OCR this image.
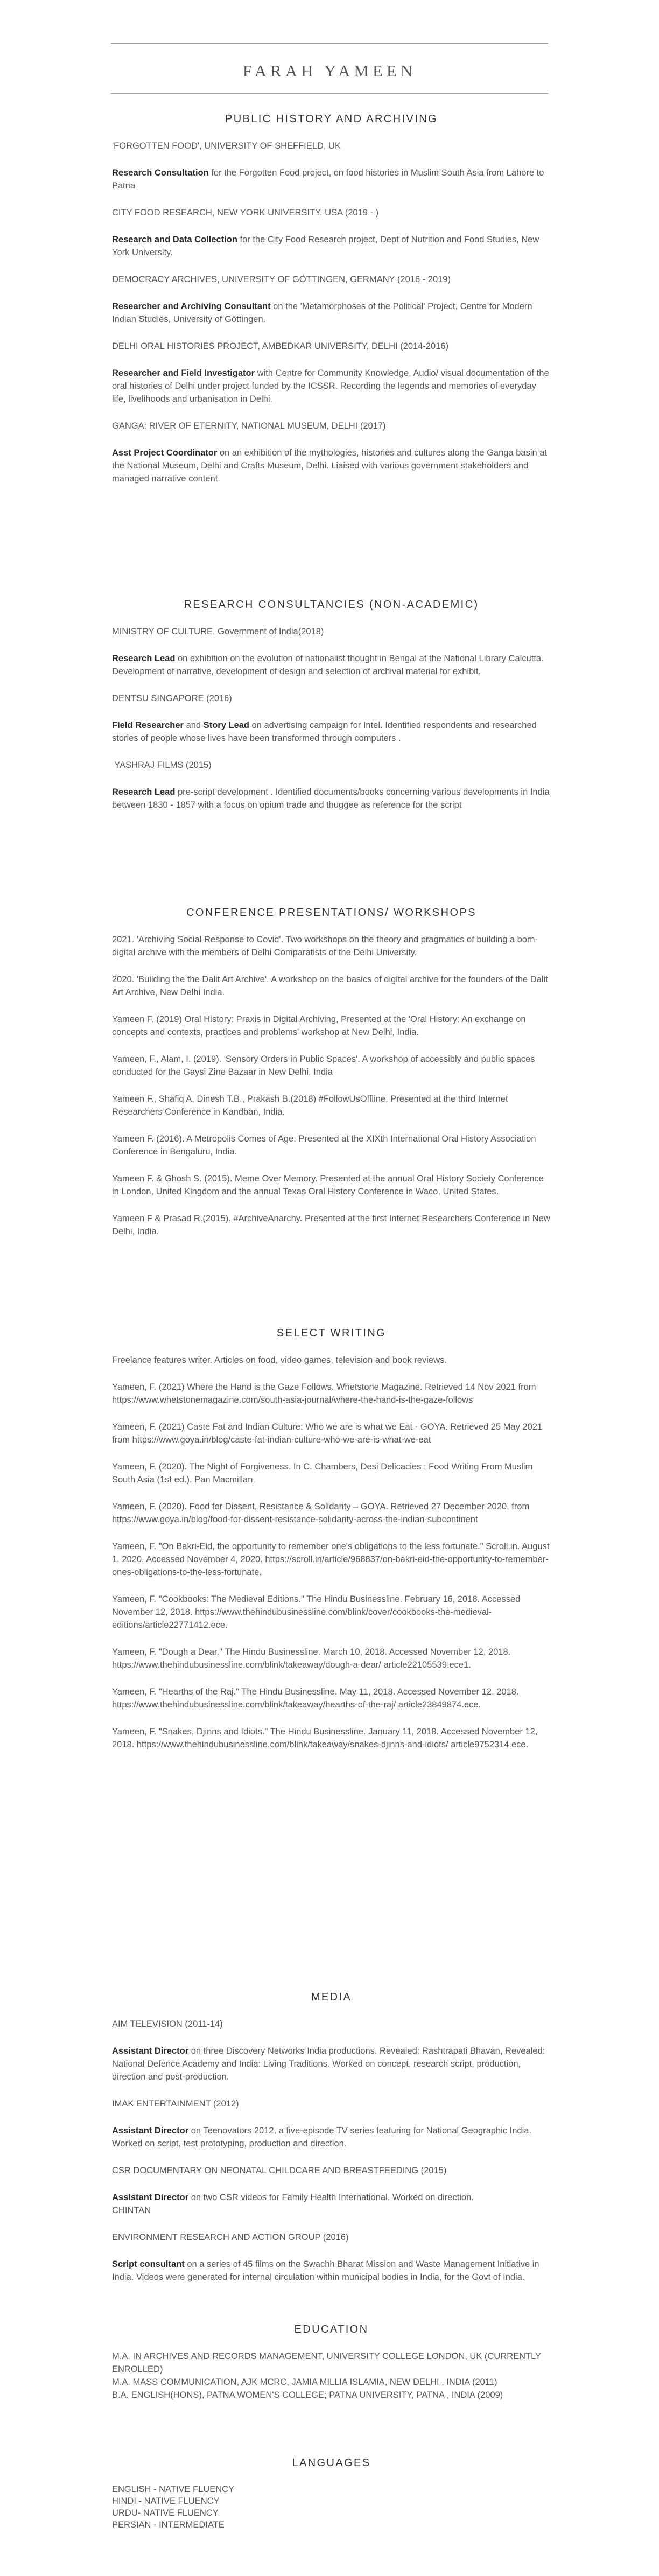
FARAH YAMEEN
PUBLIC HISTORY AND ARCHIVING

'FORGOTTEN FOOD', UNIVERSITY OF SHEFFIELD, UK

Research Consultation for the Forgotten Food project, on food histories in Muslim South Asia from Lahore to Patna

CITY FOOD RESEARCH, NEW YORK UNIVERSITY, USA (2019 - )

Research and Data Collection for the City Food Research project, Dept of Nutrition and Food Studies, New York University.

DEMOCRACY ARCHIVES, UNIVERSITY OF GÖTTINGEN, GERMANY (2016 - 2019)

Researcher and Archiving Consultant on the 'Metamorphoses of the Political' Project, Centre for Modern Indian Studies, University of Göttingen.

DELHI ORAL HISTORIES PROJECT, AMBEDKAR UNIVERSITY, DELHI (2014-2016)

Researcher and Field Investigator with Centre for Community Knowledge, Audio/ visual documentation of the oral histories of Delhi under project funded by the ICSSR. Recording the legends and memories of everyday life, livelihoods and urbanisation in Delhi.

GANGA: RIVER OF ETERNITY, NATIONAL MUSEUM, DELHI (2017)

Asst Project Coordinator on an exhibition of the mythologies, histories and cultures along the Ganga basin at the National Museum, Delhi and Crafts Museum, Delhi. Liaised with various government stakeholders and managed narrative content.

RESEARCH CONSULTANCIES (NON-ACADEMIC)

MINISTRY OF CULTURE, Government of India(2018)

Research Lead on exhibition on the evolution of nationalist thought in Bengal at the National Library Calcutta. Development of narrative, development of design and selection of archival material for exhibit.

DENTSU SINGAPORE (2016)

Field Researcher and Story Lead on advertising campaign for Intel. Identified respondents and researched stories of people whose lives have been transformed through computers .

YASHRAJ FILMS (2015)

Research Lead pre-script development . Identified documents/books concerning various developments in India between 1830 - 1857 with a focus on opium trade and thuggee as reference for the script

CONFERENCE PRESENTATIONS/ WORKSHOPS

2021. 'Archiving Social Response to Covid'. Two workshops on the theory and pragmatics of building a born-digital archive with the members of Delhi Comparatists of the Delhi University.

2020. 'Building the the Dalit Art Archive'. A workshop on the basics of digital archive for the founders of the Dalit Art Archive, New Delhi India.

Yameen F. (2019) Oral History: Praxis in Digital Archiving, Presented at the 'Oral History: An exchange on concepts and contexts, practices and problems' workshop at New Delhi, India.

Yameen, F., Alam, I. (2019). 'Sensory Orders in Public Spaces'. A workshop of accessibly and public spaces conducted for the Gaysi Zine Bazaar in New Delhi, India

Yameen F., Shafiq A, Dinesh T.B., Prakash B.(2018) #FollowUsOffline, Presented at the third Internet Researchers Conference in Kandban, India.

Yameen F. (2016). A Metropolis Comes of Age. Presented at the XIXth International Oral History Association Conference in Bengaluru, India.

Yameen F. & Ghosh S. (2015). Meme Over Memory. Presented at the annual Oral History Society Conference in London, United Kingdom and the annual Texas Oral History Conference in Waco, United States.

Yameen F & Prasad R.(2015). #ArchiveAnarchy. Presented at the first Internet Researchers Conference in New Delhi, India.

SELECT WRITING

Freelance features writer. Articles on food, video games, television and book reviews.

Yameen, F. (2021) Where the Hand is the Gaze Follows. Whetstone Magazine. Retrieved 14 Nov 2021 from https://www.whetstonemagazine.com/south-asia-journal/where-the-hand-is-the-gaze-follows

Yameen, F. (2021) Caste Fat and Indian Culture: Who we are is what we Eat - GOYA. Retrieved 25 May 2021 from https://www.goya.in/blog/caste-fat-indian-culture-who-we-are-is-what-we-eat

Yameen, F. (2020). The Night of Forgiveness. In C. Chambers, Desi Delicacies : Food Writing From Muslim South Asia (1st ed.). Pan Macmillan.

Yameen, F. (2020). Food for Dissent, Resistance & Solidarity – GOYA. Retrieved 27 December 2020, from https://www.goya.in/blog/food-for-dissent-resistance-solidarity-across-the-indian-subcontinent

Yameen, F. "On Bakri-Eid, the opportunity to remember one's obligations to the less fortunate." Scroll.in. August 1, 2020. Accessed November 4, 2020. https://scroll.in/article/968837/on-bakri-eid-the-opportunity-to-remember-ones-obligations-to-the-less-fortunate.

Yameen, F. "Cookbooks: The Medieval Editions." The Hindu Businessline. February 16, 2018. Accessed November 12, 2018. https://www.thehindubusinessline.com/blink/cover/cookbooks-the-medieval- editions/article22771412.ece.

Yameen, F. "Dough a Dear." The Hindu Businessline. March 10, 2018. Accessed November 12, 2018. https://www.thehindubusinessline.com/blink/takeaway/dough-a-dear/ article22105539.ece1.

Yameen, F. "Hearths of the Raj." The Hindu Businessline. May 11, 2018. Accessed November 12, 2018. https://www.thehindubusinessline.com/blink/takeaway/hearths-of-the-raj/ article23849874.ece.

Yameen, F. "Snakes, Djinns and Idiots." The Hindu Businessline. January 11, 2018. Accessed November 12, 2018. https://www.thehindubusinessline.com/blink/takeaway/snakes-djinns-and-idiots/ article9752314.ece.

MEDIA

AIM TELEVISION (2011-14)

Assistant Director on three Discovery Networks India productions. Revealed: Rashtrapati Bhavan, Revealed: National Defence Academy and India: Living Traditions. Worked on concept, research script, production, direction and post-production.

IMAK ENTERTAINMENT (2012)

Assistant Director on Teenovators 2012, a five-episode TV series featuring for National Geographic India. Worked on script, test prototyping, production and direction.

CSR DOCUMENTARY ON NEONATAL CHILDCARE AND BREASTFEEDING (2015)

Assistant Director on two CSR videos for Family Health International. Worked on direction.

CHINTAN

ENVIRONMENT RESEARCH AND ACTION GROUP (2016)

Script consultant on a series of 45 films on the Swachh Bharat Mission and Waste Management Initiative in India. Videos were generated for internal circulation within municipal bodies in India, for the Govt of India.

EDUCATION

M.A. IN ARCHIVES AND RECORDS MANAGEMENT, UNIVERSITY COLLEGE LONDON, UK (CURRENTLY ENROLLED)

M.A. MASS COMMUNICATION, AJK MCRC, JAMIA MILLIA ISLAMIA, NEW DELHI , INDIA (2011)

B.A. ENGLISH(HONS), PATNA WOMEN'S COLLEGE; PATNA UNIVERSITY, PATNA , INDIA (2009)

LANGUAGES

ENGLISH - NATIVE FLUENCY

HINDI - NATIVE FLUENCY

URDU- NATIVE FLUENCY

PERSIAN - INTERMEDIATE
